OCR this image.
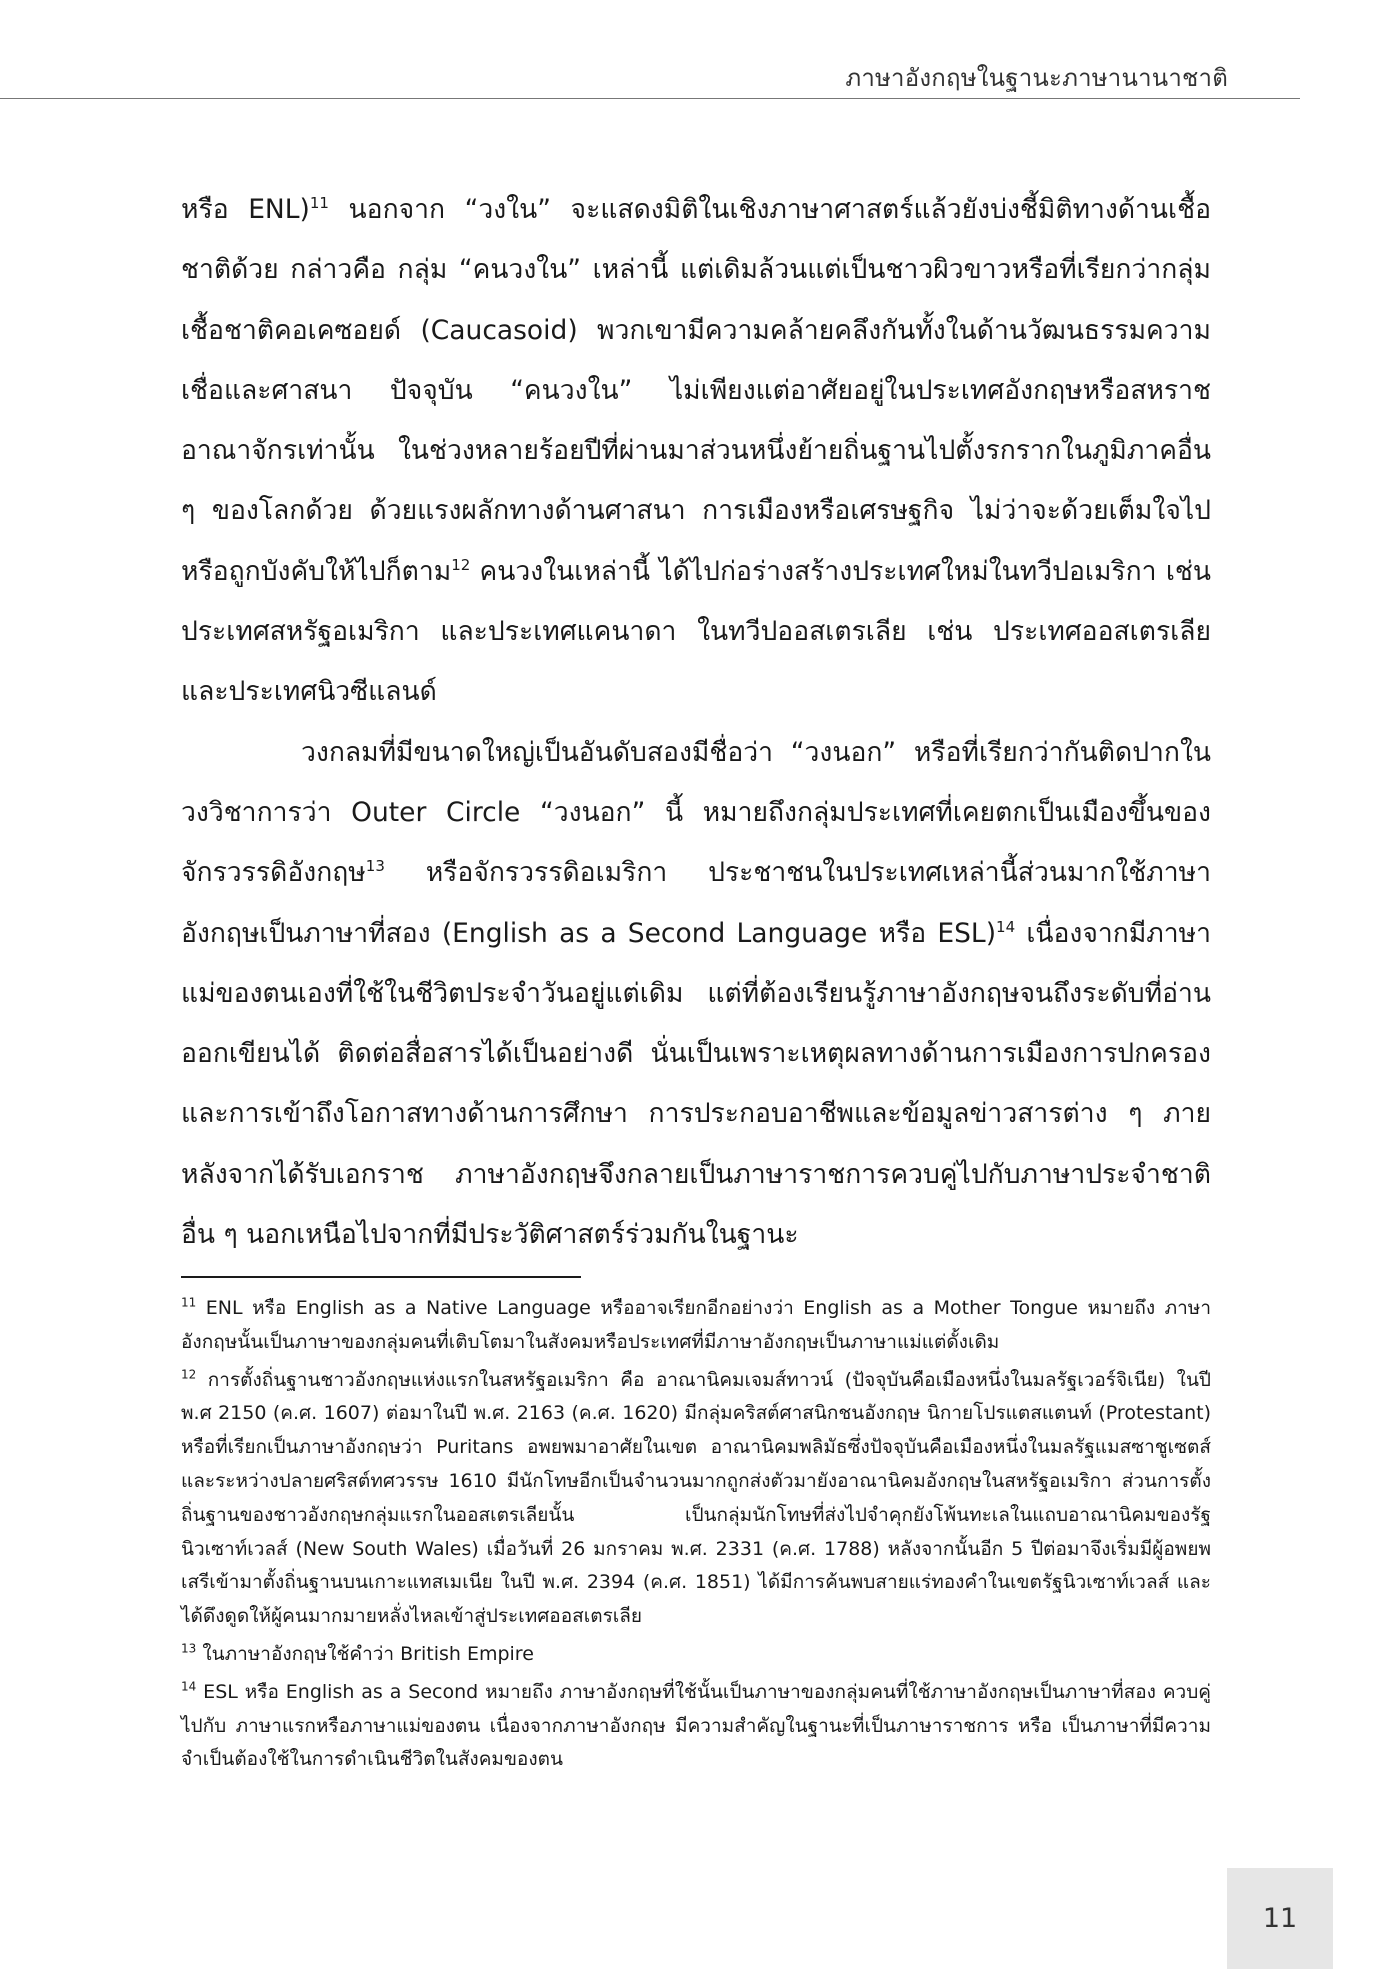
ภาษาอังกฤษในฐานะภาษานานาชาติ

หรือ ENL)$^{11}$ นอกจาก “วงใน” จะแสดงมิติในเชิงภาษาศาสตร์แล้วยังบ่งชี้มิติทางด้านเชื้อชาติด้วย กล่าวคือ กลุ่ม “คนวงใน” เหล่านี้ แต่เดิมล้วนแต่เป็นชาวผิวขาวหรือที่เรียกว่ากลุ่มเชื้อชาติคอเคซอยด์ (Caucasoid) พวกเขามีความคล้ายคลึงกันทั้งในด้านวัฒนธรรมความเชื่อและศาสนา ปัจจุบัน “คนวงใน” ไม่เพียงแต่อาศัยอยู่ในประเทศอังกฤษหรือสหราชอาณาจักรเท่านั้น ในช่วงหลายร้อยปีที่ผ่านมาส่วนหนึ่งย้ายถิ่นฐานไปตั้งรกรากในภูมิภาคอื่น ๆ ของโลกด้วย ด้วยแรงผลักทางด้านศาสนา การเมืองหรือเศรษฐกิจ ไม่ว่าจะด้วยเต็มใจไปหรือถูกบังคับให้ไปก็ตาม$^{12}$ คนวงในเหล่านี้ ได้ไปก่อร่างสร้างประเทศใหม่ในทวีปอเมริกา เช่น ประเทศสหรัฐอเมริกา และประเทศแคนาดา ในทวีปออสเตรเลีย เช่น ประเทศออสเตรเลีย และประเทศนิวซีแลนด์

วงกลมที่มีขนาดใหญ่เป็นอันดับสองมีชื่อว่า “วงนอก” หรือที่เรียกว่ากันติดปากในวงวิชาการว่า Outer Circle “วงนอก” นี้ หมายถึงกลุ่มประเทศที่เคยตกเป็นเมืองขึ้นของจักรวรรดิอังกฤษ$^{13}$ หรือจักรวรรดิอเมริกา ประชาชนในประเทศเหล่านี้ส่วนมากใช้ภาษาอังกฤษเป็นภาษาที่สอง (English as a Second Language หรือ ESL)$^{14}$ เนื่องจากมีภาษาแม่ของตนเองที่ใช้ในชีวิตประจำวันอยู่แต่เดิม แต่ที่ต้องเรียนรู้ภาษาอังกฤษจนถึงระดับที่อ่านออกเขียนได้ ติดต่อสื่อสารได้เป็นอย่างดี นั่นเป็นเพราะเหตุผลทางด้านการเมืองการปกครอง และการเข้าถึงโอกาสทางด้านการศึกษา การประกอบอาชีพและข้อมูลข่าวสารต่าง ๆ ภายหลังจากได้รับเอกราช ภาษาอังกฤษจึงกลายเป็นภาษาราชการควบคู่ไปกับภาษาประจำชาติอื่น ๆ นอกเหนือไปจากที่มีประวัติศาสตร์ร่วมกันในฐานะ

$^{11}$ ENL หรือ English as a Native Language หรืออาจเรียกอีกอย่างว่า English as a Mother Tongue หมายถึง ภาษาอังกฤษนั้นเป็นภาษาของกลุ่มคนที่เติบโตมาในสังคมหรือประเทศที่มีภาษาอังกฤษเป็นภาษาแม่แต่ดั้งเดิม

$^{12}$ การตั้งถิ่นฐานชาวอังกฤษแห่งแรกในสหรัฐอเมริกา คือ อาณานิคมเจมส์ทาวน์ (ปัจจุบันคือเมืองหนึ่งในมลรัฐเวอร์จิเนีย) ในปี พ.ศ 2150 (ค.ศ. 1607) ต่อมาในปี พ.ศ. 2163 (ค.ศ. 1620) มีกลุ่มคริสต์ศาสนิกชนอังกฤษ นิกายโปรแตสแตนท์ (Protestant) หรือที่เรียกเป็นภาษาอังกฤษว่า Puritans อพยพมาอาศัยในเขต อาณานิคมพลิมัธซึ่งปัจจุบันคือเมืองหนึ่งในมลรัฐแมสซาชูเซตส์ และระหว่างปลายศริสต์ทศวรรษ 1610 มีนักโทษอีกเป็นจำนวนมากถูกส่งตัวมายังอาณานิคมอังกฤษในสหรัฐอเมริกา ส่วนการตั้งถิ่นฐานของชาวอังกฤษกลุ่มแรกในออสเตรเลียนั้น เป็นกลุ่มนักโทษที่ส่งไปจำคุกยังโพ้นทะเลในแถบอาณานิคมของรัฐนิวเซาท์เวลส์ (New South Wales) เมื่อวันที่ 26 มกราคม พ.ศ. 2331 (ค.ศ. 1788) หลังจากนั้นอีก 5 ปีต่อมาจึงเริ่มมีผู้อพยพเสรีเข้ามาตั้งถิ่นฐานบนเกาะแทสเมเนีย ในปี พ.ศ. 2394 (ค.ศ. 1851) ได้มีการค้นพบสายแร่ทองคำในเขตรัฐนิวเซาท์เวลส์ และได้ดึงดูดให้ผู้คนมากมายหลั่งไหลเข้าสู่ประเทศออสเตรเลีย

$^{13}$ ในภาษาอังกฤษใช้คำว่า British Empire

$^{14}$ ESL หรือ English as a Second หมายถึง ภาษาอังกฤษที่ใช้นั้นเป็นภาษาของกลุ่มคนที่ใช้ภาษาอังกฤษเป็นภาษาที่สอง ควบคู่ไปกับ ภาษาแรกหรือภาษาแม่ของตน เนื่องจากภาษาอังกฤษ มีความสำคัญในฐานะที่เป็นภาษาราชการ หรือ เป็นภาษาที่มีความจำเป็นต้องใช้ในการดำเนินชีวิตในสังคมของตน

11
